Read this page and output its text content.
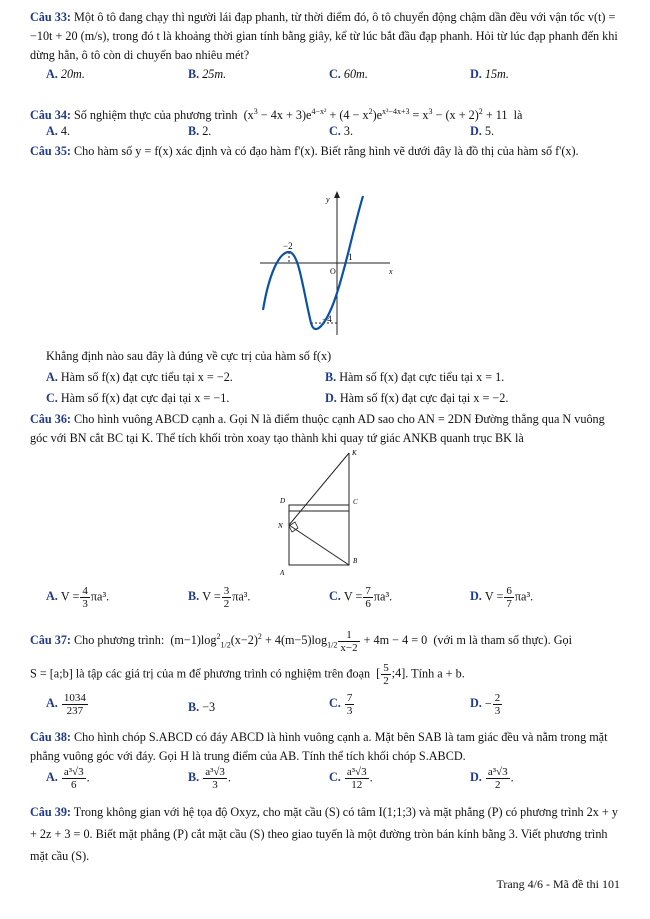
Câu 33: Một ô tô đang chạy thì người lái đạp phanh, từ thời điểm đó, ô tô chuyển động chậm dần đều với vận tốc v(t) = −10t + 20 (m/s), trong đó t là khoảng thời gian tính bằng giây, kể từ lúc bắt đầu đạp phanh. Hỏi từ lúc đạp phanh đến khi dừng hẳn, ô tô còn di chuyển bao nhiêu mét?
A. 20m.	B. 25m.	C. 60m.	D. 15m.
Câu 34: Số nghiệm thực của phương trình  $(x^3 - 4x + 3)e^{4-x^2} + (4 - x^2)e^{x^3-4x+3} = x^3 - (x + 2)^2 + 11$  là
A. 4.	B. 2.	C. 3.	D. 5.
Câu 35: Cho hàm số y = f(x) xác định và có đạo hàm f'(x). Biết rằng hình vẽ dưới đây là đồ thị của hàm số f'(x).
y
x
−2
1
−4
O
Khẳng định nào sau đây là đúng về cực trị của hàm số f(x)
A. Hàm số f(x) đạt cực tiểu tại x = −2.	B. Hàm số f(x) đạt cực tiểu tại x = 1.
C. Hàm số f(x) đạt cực đại tại x = −1.	D. Hàm số f(x) đạt cực đại tại x = −2.
Câu 36: Cho hình vuông ABCD cạnh a. Gọi N là điểm thuộc cạnh AD sao cho AN = 2DN Đường thẳng qua N vuông góc với BN cắt BC tại K. Thể tích khối tròn xoay tạo thành khi quay tứ giác ANKB quanh trục BK là
K
D	C
N
B
A
A. $V = \frac{4}{3} \pi a^3$.	B. $V = \frac{3}{2} \pi a^3$.	C. $V = \frac{7}{6} \pi a^3$.	D. $V = \frac{6}{7} \pi a^3$.
Câu 37: Cho phương trình:  $(m-1)\log^2_{1/2}(x-2)^2 + 4(m-5)\log_{1/2} \frac{1}{x-2} + 4m - 4 = 0$  (với m là tham số thực). Gọi
S = [a;b] là tập các giá trị của m để phương trình có nghiệm trên đoạn  [ $\frac{5}{2}$ ;4]. Tính a + b.
A. $\frac{1034}{237}$	B. −3	C. $\frac{7}{3}$	D. − $\frac{2}{3}$
Câu 38: Cho hình chóp S.ABCD có đáy ABCD là hình vuông cạnh a. Mặt bên SAB là tam giác đều và nằm trong mặt phẳng vuông góc với đáy. Gọi H là trung điểm của AB. Tính thể tích khối chóp S.ABCD.
A. $\frac{\text{a³√3}}{6}$ .	B. $\frac{\text{a³√3}}{3}$ .	C. $\frac{\text{a³√3}}{12}$ .	D. $\frac{\text{a³√3}}{2}$ .
Câu 39: Trong không gian với hệ tọa độ Oxyz, cho mặt cầu (S) có tâm I(1;1;3) và mặt phẳng (P) có phương trình 2x + y + 2z + 3 = 0. Biết mặt phẳng (P) cắt mặt cầu (S) theo giao tuyến là một đường tròn bán kính bằng 3. Viết phương trình mặt cầu (S).
Trang 4/6 - Mã đề thi 101
